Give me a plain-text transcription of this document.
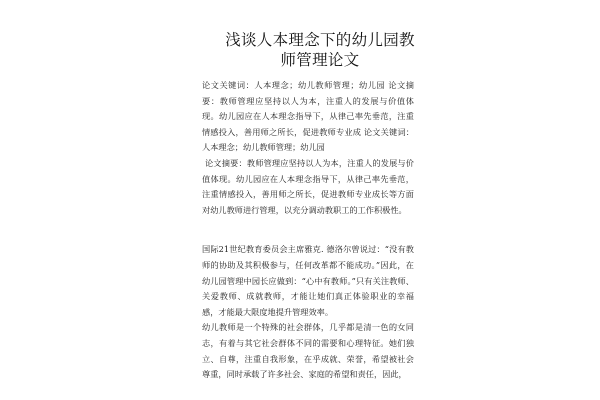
浅谈人本理念下的幼儿园教
师管理论文

论文关键词：人本理念；幼儿教师管理；幼儿园 论文摘要：教师管理应坚持以人为本，注重人的发展与价值体现。幼儿园应在人本理念指导下，从律己率先垂范，注重情感投入，善用师之所长，促进教师专业成 论文关键词：人本理念；幼儿教师管理；幼儿园

论文摘要：教师管理应坚持以人为本，注重人的发展与价值体现。幼儿园应在人本理念指导下，从律己率先垂范，注重情感投入，善用师之所长，促进教师专业成长等方面对幼儿教师进行管理，以充分调动教职工的工作积极性。

国际21世纪教育委员会主席雅克. 德洛尔曾说过：“没有教师的协助及其积极参与，任何改革都不能成功。”因此，在幼儿园管理中园长应做到：“心中有教师。”只有关注教师、关爱教师、成就教师，才能让她们真正体验职业的幸福感，才能最大限度地提升管理效率。

幼儿教师是一个特殊的社会群体，几乎都是清一色的女同志，有着与其它社会群体不同的需要和心理特征。她们独立、自尊，注重自我形象，在乎成就、荣誉，希望被社会尊重，同时承载了许多社会、家庭的希望和责任，因此，
